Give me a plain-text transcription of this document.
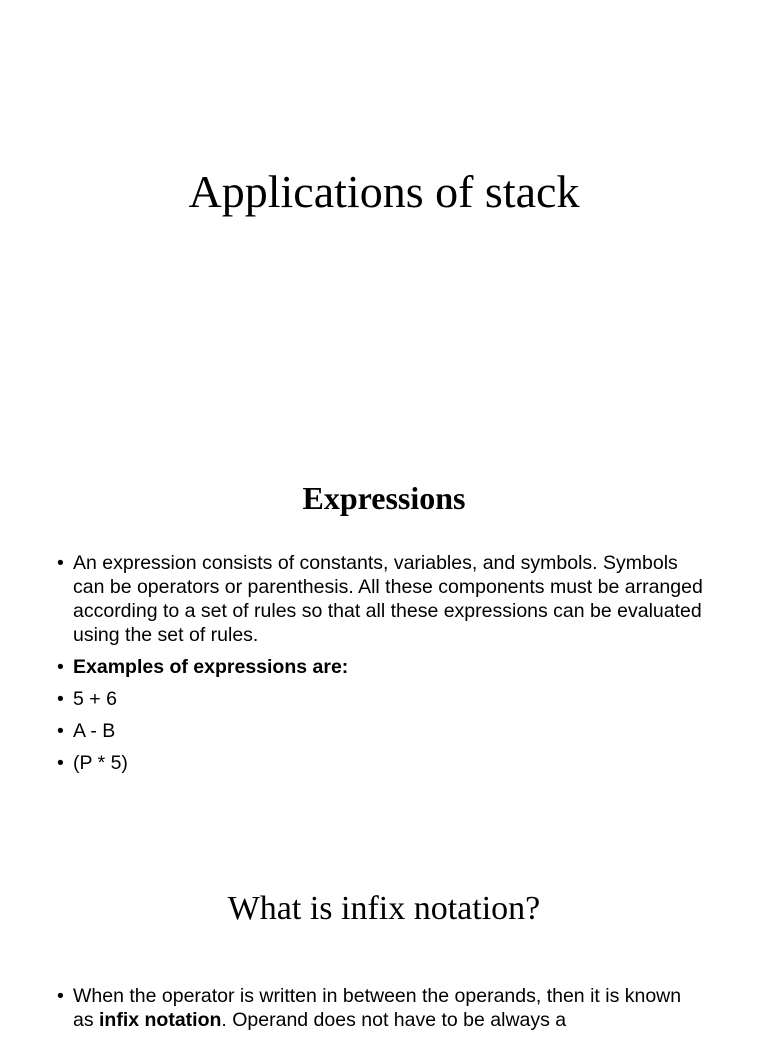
Applications of stack
Expressions
• An expression consists of constants, variables, and symbols. Symbols can be operators or parenthesis. All these components must be arranged according to a set of rules so that all these expressions can be evaluated using the set of rules.
• Examples of expressions are:
• 5 + 6
• A - B
• (P * 5)
What is infix notation?
• When the operator is written in between the operands, then it is known as infix notation. Operand does not have to be always a
